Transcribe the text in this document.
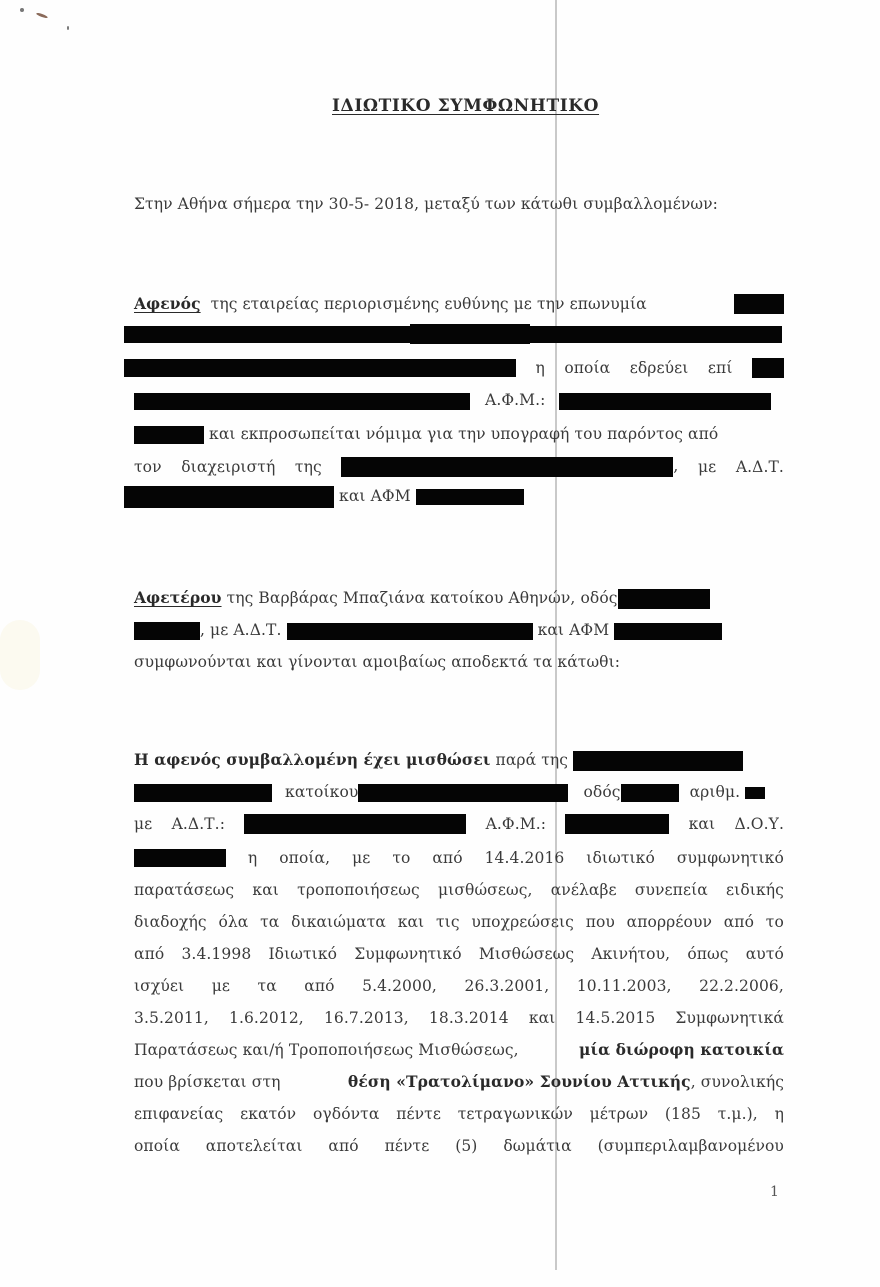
ΙΔΙΩΤΙΚΟ ΣΥΜΦΩΝΗΤΙΚΟ
Στην Αθήνα σήμερα την 30-5- 2018, μεταξύ των κάτωθι συμβαλλομένων:
Αφενός της εταιρείας περιορισμένης ευθύνης με την επωνυμία
η οποία εδρεύει επί
Α.Φ.Μ.:
και εκπροσωπείται νόμιμα για την υπογραφή του παρόντος από
τον διαχειριστή της	, με Α.Δ.Τ.
και ΑΦΜ
Αφετέρου της Βαρβάρας Μπαζιάνα κατοίκου Αθηνών, οδός
, με Α.Δ.Τ.	και ΑΦΜ
συμφωνούνται και γίνονται αμοιβαίως αποδεκτά τα κάτωθι:
Η αφενός συμβαλλομένη έχει μισθώσει παρά της
κατοίκου	οδός	αριθμ.
με Α.Δ.Τ.:	Α.Φ.Μ.:	και Δ.Ο.Υ.
η οποία, με το από 14.4.2016 ιδιωτικό συμφωνητικό
παρατάσεως και τροποποιήσεως μισθώσεως, ανέλαβε συνεπεία ειδικής
διαδοχής όλα τα δικαιώματα και τις υποχρεώσεις που απορρέουν από το
από 3.4.1998 Ιδιωτικό Συμφωνητικό Μισθώσεως Ακινήτου, όπως αυτό
ισχύει με τα από 5.4.2000, 26.3.2001, 10.11.2003, 22.2.2006,
3.5.2011, 1.6.2012, 16.7.2013, 18.3.2014 και 14.5.2015 Συμφωνητικά
Παρατάσεως και/ή Τροποποιήσεως Μισθώσεως,	μία διώροφη κατοικία
που βρίσκεται στη	θέση «Τρατολίμανο» Σουνίου Αττικής, συνολικής
επιφανείας εκατόν ογδόντα πέντε τετραγωνικών μέτρων (185 τ.μ.), η
οποία αποτελείται από πέντε (5) δωμάτια (συμπεριλαμβανομένου
1
